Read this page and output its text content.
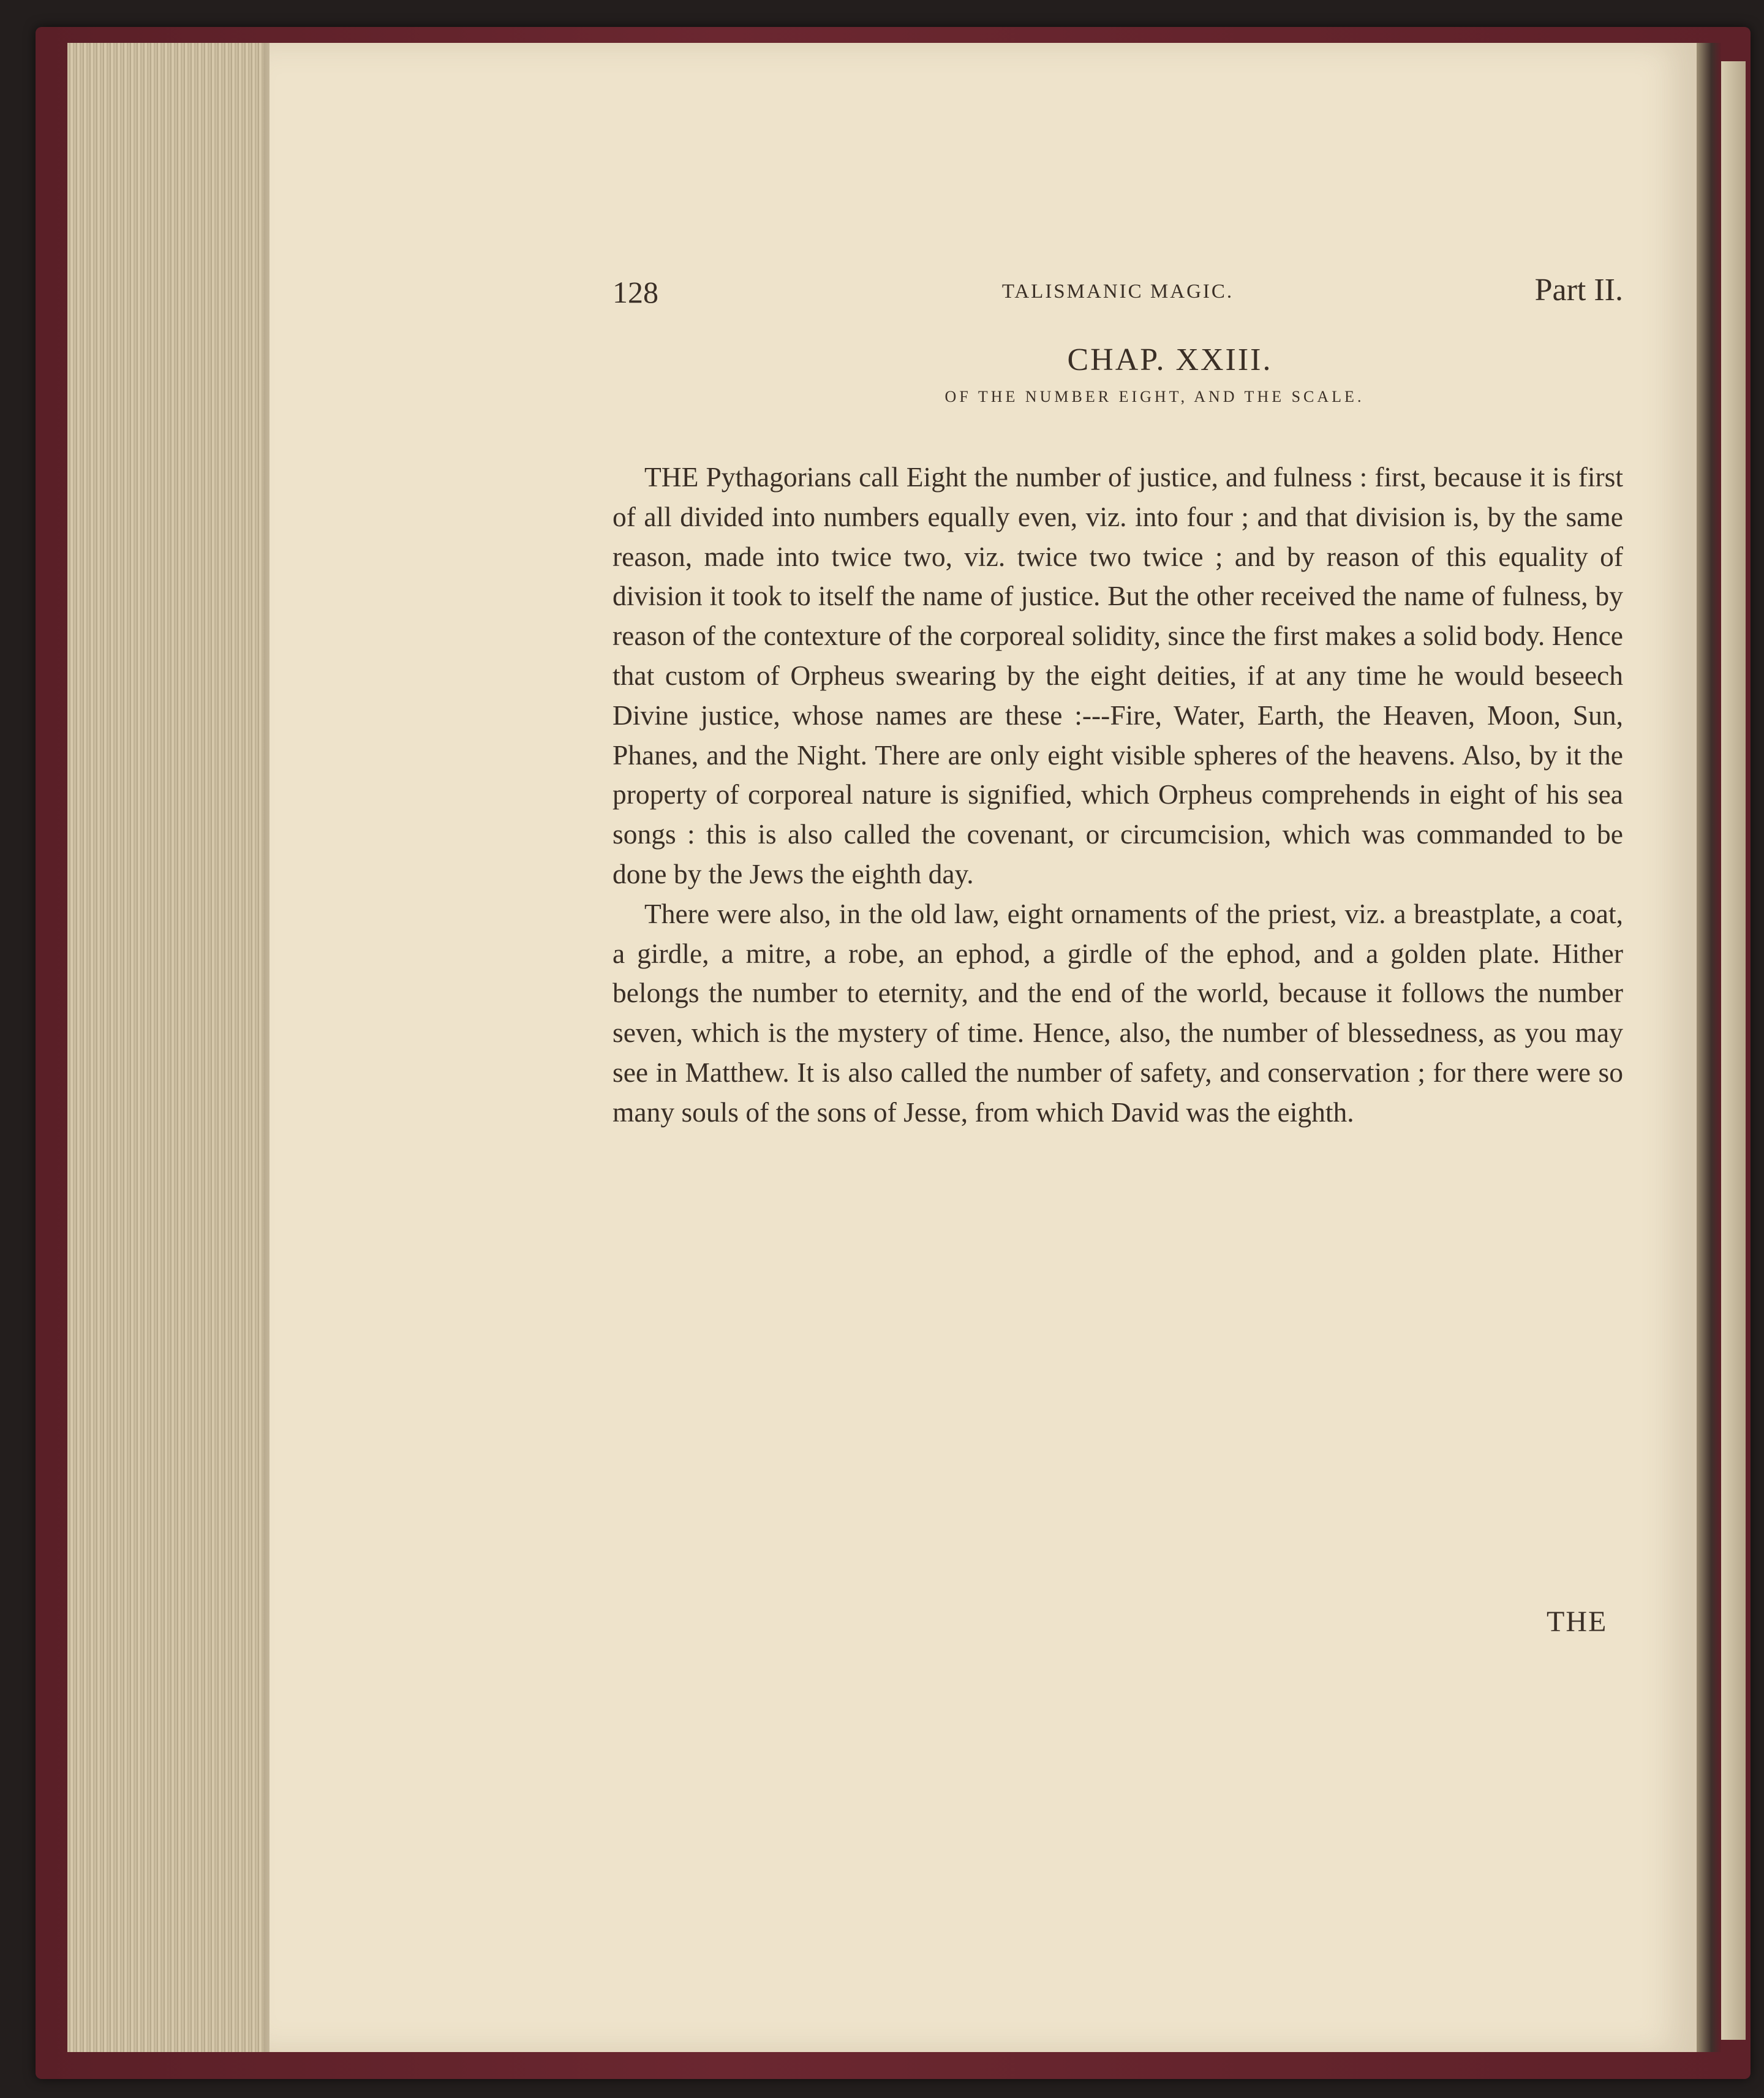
128	TALISMANIC MAGIC.	Part II.
CHAP. XXIII.
OF THE NUMBER EIGHT, AND THE SCALE.

THE Pythagorians call Eight the number of justice, and fulness : first, because it is first of all divided into numbers equally even, viz. into four ; and that division is, by the same reason, made into twice two, viz. twice two twice ; and by reason of this equality of division it took to itself the name of justice. But the other received the name of fulness, by reason of the contexture of the corporeal solidity, since the first makes a solid body. Hence that custom of Orpheus swearing by the eight deities, if at any time he would beseech Divine justice, whose names are these :---Fire, Water, Earth, the Heaven, Moon, Sun, Phanes, and the Night. There are only eight visible spheres of the heavens. Also, by it the property of corporeal nature is signified, which Orpheus comprehends in eight of his sea songs : this is also called the covenant, or circumcision, which was commanded to be done by the Jews the eighth day.

There were also, in the old law, eight ornaments of the priest, viz. a breastplate, a coat, a girdle, a mitre, a robe, an ephod, a girdle of the ephod, and a golden plate. Hither belongs the number to eternity, and the end of the world, because it follows the number seven, which is the mystery of time. Hence, also, the number of blessedness, as you may see in Matthew. It is also called the number of safety, and conservation ; for there were so many souls of the sons of Jesse, from which David was the eighth.

THE
